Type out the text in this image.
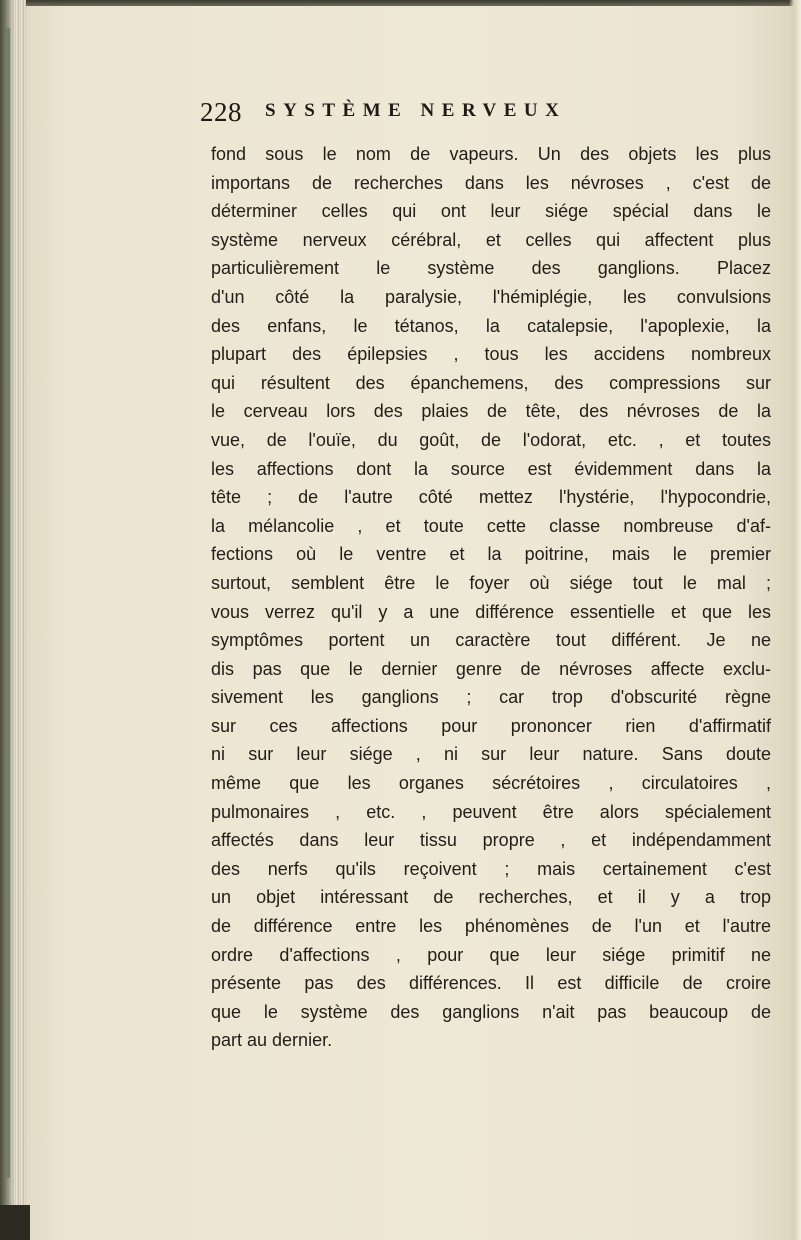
228 SYSTÈME NERVEUX
fond sous le nom de vapeurs. Un des objets les plus
importans de recherches dans les névroses , c'est de
déterminer celles qui ont leur siége spécial dans le
système nerveux cérébral, et celles qui affectent plus
particulièrement le système des ganglions. Placez
d'un côté la paralysie, l'hémiplégie, les convulsions
des enfans, le tétanos, la catalepsie, l'apoplexie, la
plupart des épilepsies , tous les accidens nombreux
qui résultent des épanchemens, des compressions sur
le cerveau lors des plaies de tête, des névroses de la
vue, de l'ouïe, du goût, de l'odorat, etc. , et toutes
les affections dont la source est évidemment dans la
tête ; de l'autre côté mettez l'hystérie, l'hypocondrie,
la mélancolie , et toute cette classe nombreuse d'af-
fections où le ventre et la poitrine, mais le premier
surtout, semblent être le foyer où siége tout le mal ;
vous verrez qu'il y a une différence essentielle et que les
symptômes portent un caractère tout différent. Je ne
dis pas que le dernier genre de névroses affecte exclu-
sivement les ganglions ; car trop d'obscurité règne
sur ces affections pour prononcer rien d'affirmatif
ni sur leur siége , ni sur leur nature. Sans doute
même que les organes sécrétoires , circulatoires ,
pulmonaires , etc. , peuvent être alors spécialement
affectés dans leur tissu propre , et indépendamment
des nerfs qu'ils reçoivent ; mais certainement c'est
un objet intéressant de recherches, et il y a trop
de différence entre les phénomènes de l'un et l'autre
ordre d'affections , pour que leur siége primitif ne
présente pas des différences. Il est difficile de croire
que le système des ganglions n'ait pas beaucoup de
part au dernier.
